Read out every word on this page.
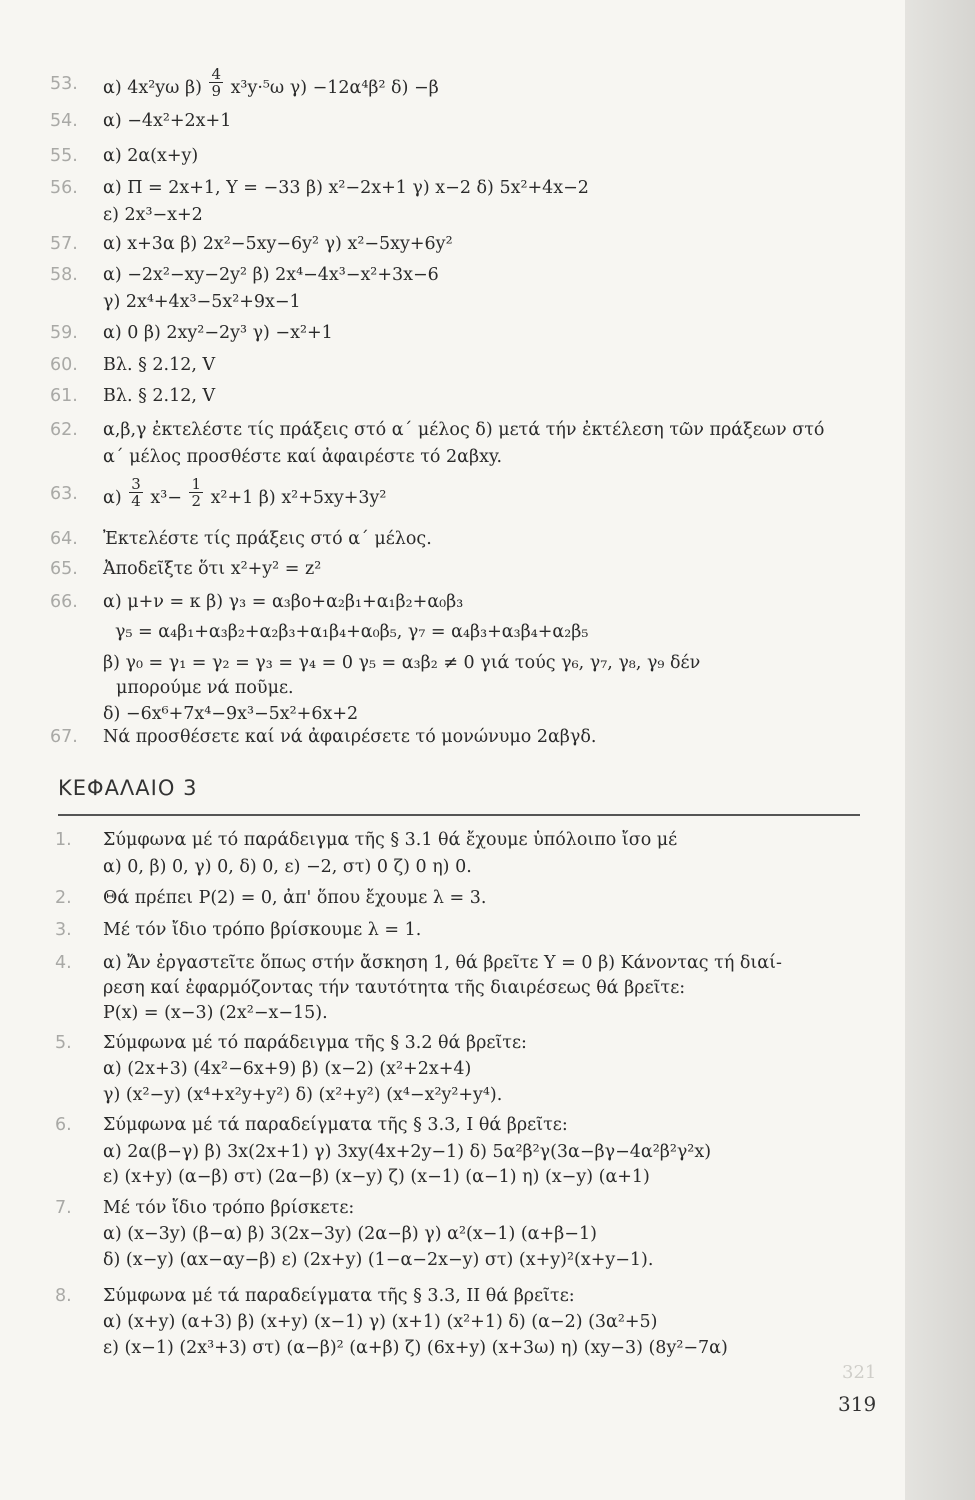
53.	α) 4x²yω $\beta) \frac{4}{9} x^3y\cdot^5\omega$ γ) −12α⁴β² δ) −β
54.	α) −4x²+2x+1
55.	α) 2α(x+y)
56.	α) Π = 2x+1, Υ = −33 β) x²−2x+1 γ) x−2 δ) 5x²+4x−2
ε) 2x³−x+2
57.	α) x+3α β) 2x²−5xy−6y² γ) x²−5xy+6y²
58.	α) −2x²−xy−2y² β) 2x⁴−4x³−x²+3x−6
γ) 2x⁴+4x³−5x²+9x−1
59.	α) 0 β) 2xy²−2y³ γ) −x²+1
60.	Βλ. § 2.12, V
61.	Βλ. § 2.12, V
62.	α,β,γ ἐκτελέστε τίς πράξεις στό α΄ μέλος δ) μετά τήν ἐκτέλεση τῶν πράξεων στό
α΄ μέλος προσθέστε καί ἀφαιρέστε τό 2αβxy.
63.	$\alpha) \frac{3}{4} x^3- \frac{1}{2} x^2+1$ β) x²+5xy+3y²
64.	Ἐκτελέστε τίς πράξεις στό α΄ μέλος.
65.	Ἀποδεῖξτε ὅτι x²+y² = z²
66.	α) μ+ν = κ β) γ₃ = α₃βο+α₂β₁+α₁β₂+α₀β₃
γ₅ = α₄β₁+α₃β₂+α₂β₃+α₁β₄+α₀β₅, γ₇ = α₄β₃+α₃β₄+α₂β₅
β) γ₀ = γ₁ = γ₂ = γ₃ = γ₄ = 0 γ₅ = α₃β₂ ≠ 0 γιά τούς γ₆, γ₇, γ₈, γ₉ δέν
μπορούμε νά ποῦμε.
δ) −6x⁶+7x⁴−9x³−5x²+6x+2
67.	Νά προσθέσετε καί νά ἀφαιρέσετε τό μονώνυμο 2αβγδ.
ΚΕΦΑΛΑΙΟ 3
1.	Σύμφωνα μέ τό παράδειγμα τῆς § 3.1 θά ἔχουμε ὑπόλοιπο ἴσο μέ
α) 0, β) 0, γ) 0, δ) 0, ε) −2, στ) 0 ζ) 0 η) 0.
2.	Θά πρέπει P(2) = 0, ἀπ' ὅπου ἔχουμε λ = 3.
3.	Μέ τόν ἴδιο τρόπο βρίσκουμε λ = 1.
4.	α) Ἄν ἐργαστεῖτε ὅπως στήν ἄσκηση 1, θά βρεῖτε Υ = 0 β) Κάνοντας τή διαί-
ρεση καί ἐφαρμόζοντας τήν ταυτότητα τῆς διαιρέσεως θά βρεῖτε:
P(x) = (x−3) (2x²−x−15).
5.	Σύμφωνα μέ τό παράδειγμα τῆς § 3.2 θά βρεῖτε:
α) (2x+3) (4x²−6x+9) β) (x−2) (x²+2x+4)
γ) (x²−y) (x⁴+x²y+y²) δ) (x²+y²) (x⁴−x²y²+y⁴).
6.	Σύμφωνα μέ τά παραδείγματα τῆς § 3.3, I θά βρεῖτε:
α) 2α(β−γ) β) 3x(2x+1) γ) 3xy(4x+2y−1) δ) 5α²β²γ(3α−βγ−4α²β²γ²x)
ε) (x+y) (α−β) στ) (2α−β) (x−y) ζ) (x−1) (α−1) η) (x−y) (α+1)
7.	Μέ τόν ἴδιο τρόπο βρίσκετε:
α) (x−3y) (β−α) β) 3(2x−3y) (2α−β) γ) α²(x−1) (α+β−1)
δ) (x−y) (αx−αy−β) ε) (2x+y) (1−α−2x−y) στ) (x+y)²(x+y−1).
8.	Σύμφωνα μέ τά παραδείγματα τῆς § 3.3, II θά βρεῖτε:
α) (x+y) (α+3) β) (x+y) (x−1) γ) (x+1) (x²+1) δ) (α−2) (3α²+5)
ε) (x−1) (2x³+3) στ) (α−β)² (α+β) ζ) (6x+y) (x+3ω) η) (xy−3) (8y²−7α)
321
319
